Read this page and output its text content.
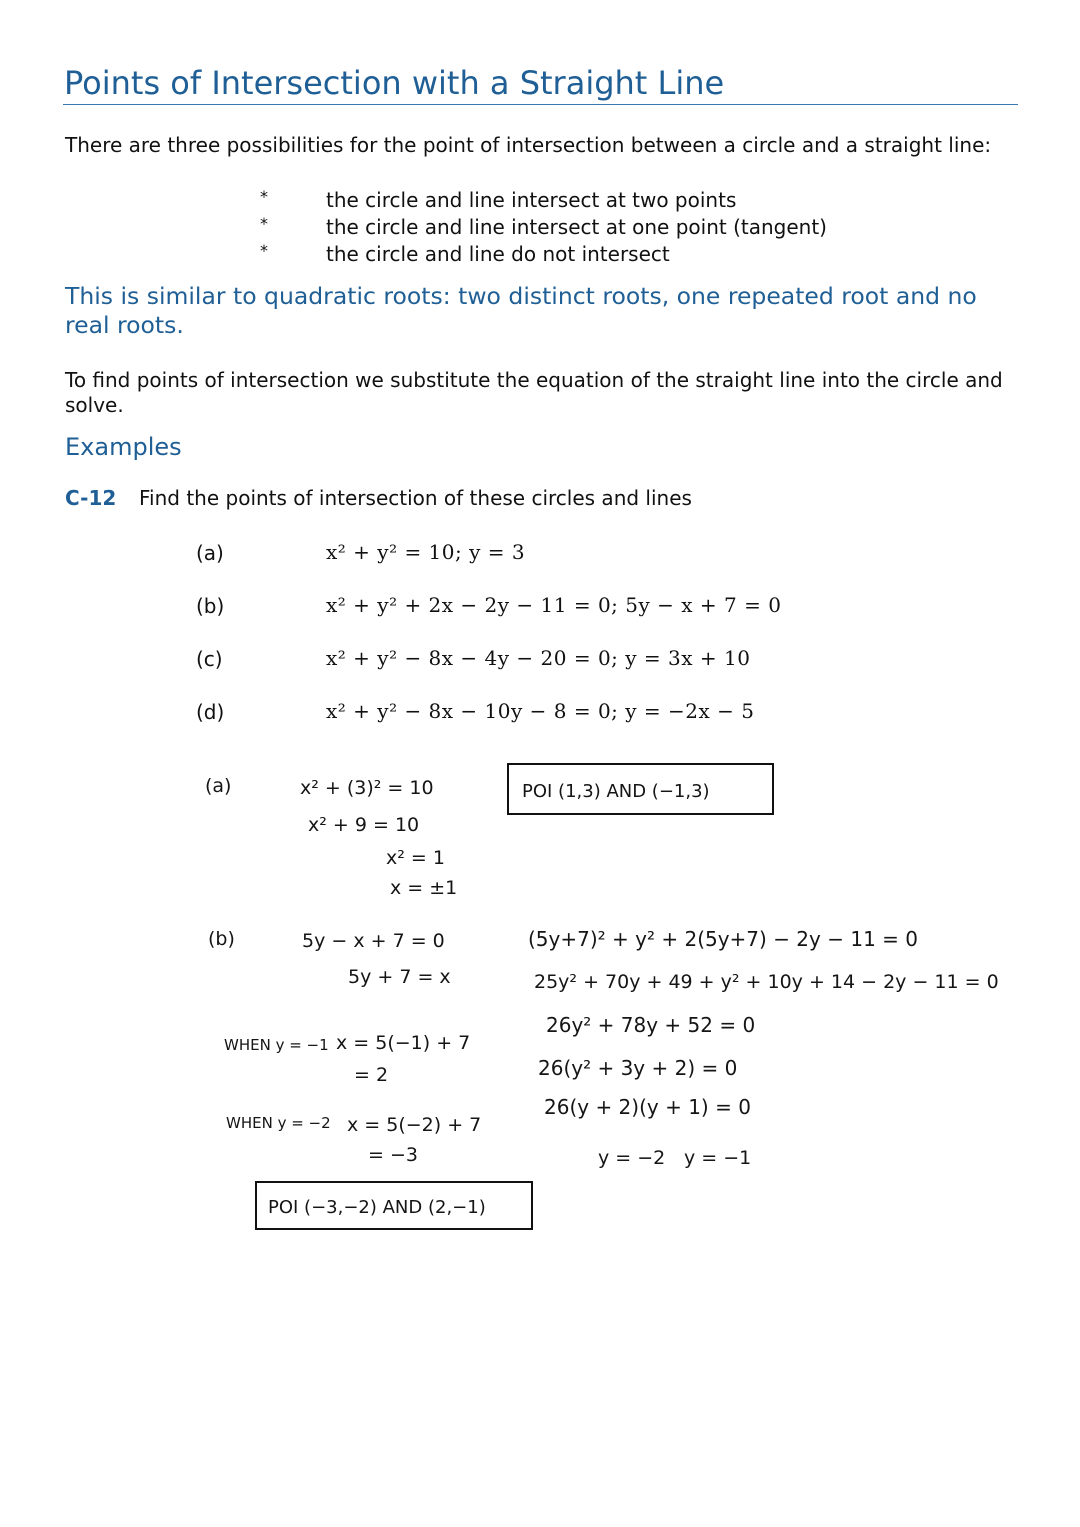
Points of Intersection with a Straight Line
There are three possibilities for the point of intersection between a circle and a straight line:
*	the circle and line intersect at two points
*	the circle and line intersect at one point (tangent)
*	the circle and line do not intersect
This is similar to quadratic roots: two distinct roots, one repeated root and no real roots.
To find points of intersection we substitute the equation of the straight line into the circle and solve.
Examples
C-12 Find the points of intersection of these circles and lines
(a)	x² + y² = 10; y = 3
(b)	x² + y² + 2x − 2y − 11 = 0; 5y − x + 7 = 0
(c)	x² + y² − 8x − 4y − 20 = 0; y = 3x + 10
(d)	x² + y² − 8x − 10y − 8 = 0; y = −2x − 5
(a)	x² + (3)² = 10
x² + 9 = 10
x² = 1
x = ±1
POI (1,3) AND (−1,3)
(b)	5y − x + 7 = 0
5y + 7 = x
WHEN y = −1 x = 5(−1) + 7
= 2
WHEN y = −2 x = 5(−2) + 7
= −3
POI (−3,−2) AND (2,−1)
(5y+7)² + y² + 2(5y+7) − 2y − 11 = 0
25y² + 70y + 49 + y² + 10y + 14 − 2y − 11 = 0
26y² + 78y + 52 = 0
26(y² + 3y + 2) = 0
26(y + 2)(y + 1) = 0
y = −2 y = −1
